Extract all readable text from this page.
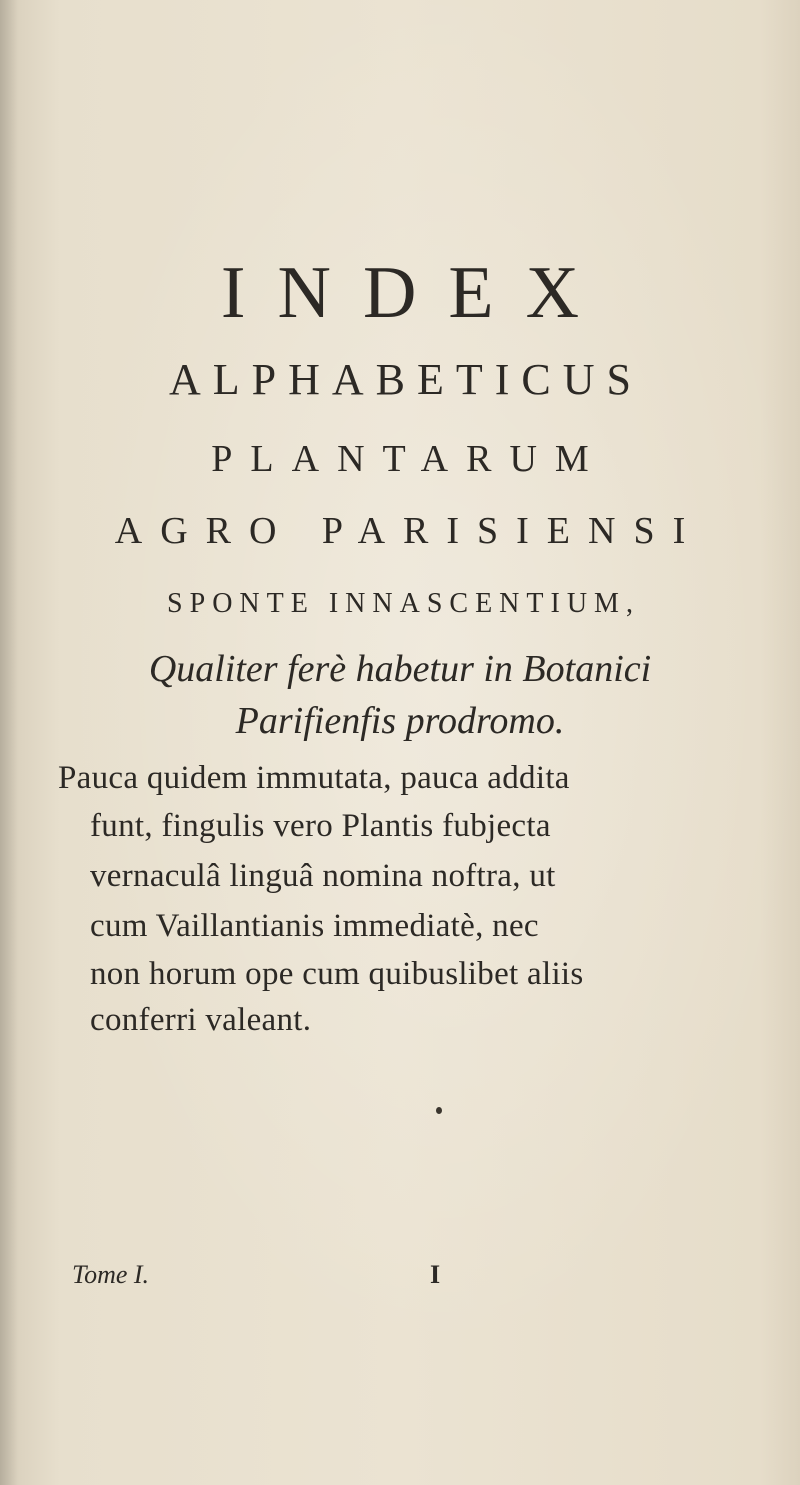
INDEX
ALPHABETICUS
PLANTARUM
AGRO PARISIENSI
SPONTE INNASCENTIUM,
Qualiter ferè habetur in Botanici
Parifienfis prodromo.
Pauca quidem immutata, pauca addita
funt, fingulis vero Plantis fubjecta
vernaculâ linguâ nomina noftra, ut
cum Vaillantianis immediatè, nec
non horum ope cum quibuslibet aliis
conferri valeant.
Tome I.	I
